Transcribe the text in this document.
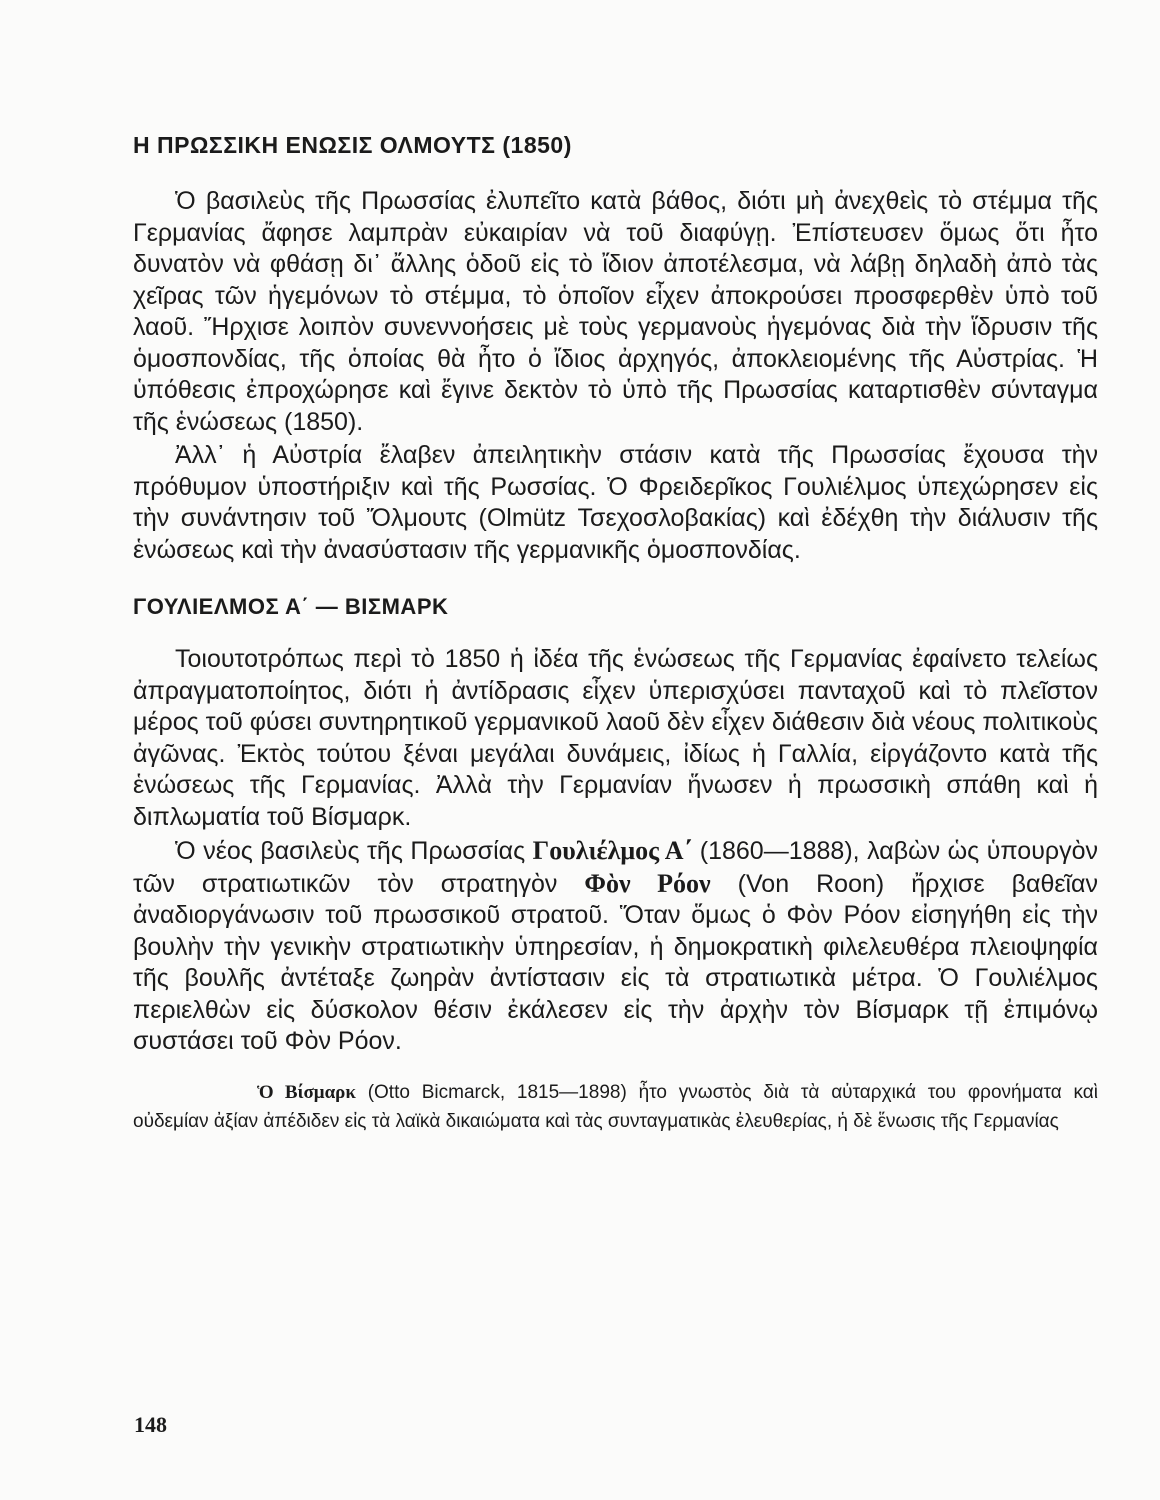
Η ΠΡΩΣΣΙΚΗ ΕΝΩΣΙΣ ΟΛΜΟΥΤΣ (1850)

Ὁ βασιλεὺς τῆς Πρωσσίας ἐλυπεῖτο κατὰ βάθος, διότι μὴ ἀνεχθεὶς τὸ στέμμα τῆς Γερμανίας ἄφησε λαμπρὰν εὐκαιρίαν νὰ τοῦ διαφύγῃ. Ἐπίστευσεν ὅμως ὅτι ἦτο δυνατὸν νὰ φθάσῃ δι᾿ ἄλλης ὁδοῦ εἰς τὸ ἴδιον ἀποτέλεσμα, νὰ λάβῃ δηλαδὴ ἀπὸ τὰς χεῖρας τῶν ἡγεμόνων τὸ στέμμα, τὸ ὁποῖον εἶχεν ἀποκρούσει προσφερθὲν ὑπὸ τοῦ λαοῦ. Ἤρχισε λοιπὸν συνεννοήσεις μὲ τοὺς γερμανοὺς ἡγεμόνας διὰ τὴν ἵδρυσιν τῆς ὁμοσπονδίας, τῆς ὁποίας θὰ ἦτο ὁ ἴδιος ἀρχηγός, ἀποκλειομένης τῆς Αὐστρίας. Ἡ ὑπόθεσις ἐπροχώρησε καὶ ἔγινε δεκτὸν τὸ ὑπὸ τῆς Πρωσσίας καταρτισθὲν σύνταγμα τῆς ἑνώσεως (1850).

Ἀλλ᾿ ἡ Αὐστρία ἔλαβεν ἀπειλητικὴν στάσιν κατὰ τῆς Πρωσσίας ἔχουσα τὴν πρόθυμον ὑποστήριξιν καὶ τῆς Ρωσσίας. Ὁ Φρειδερῖκος Γουλιέλμος ὑπεχώρησεν εἰς τὴν συνάντησιν τοῦ Ὄλμουτς (Olmütz Τσεχοσλοβακίας) καὶ ἐδέχθη τὴν διάλυσιν τῆς ἑνώσεως καὶ τὴν ἀνασύστασιν τῆς γερμανικῆς ὁμοσπονδίας.

ΓΟΥΛΙΕΛΜΟΣ Α΄ — ΒΙΣΜΑΡΚ

Τοιουτοτρόπως περὶ τὸ 1850 ἡ ἰδέα τῆς ἑνώσεως τῆς Γερμανίας ἐφαίνετο τελείως ἀπραγματοποίητος, διότι ἡ ἀντίδρασις εἶχεν ὑπερισχύσει πανταχοῦ καὶ τὸ πλεῖστον μέρος τοῦ φύσει συντηρητικοῦ γερμανικοῦ λαοῦ δὲν εἶχεν διάθεσιν διὰ νέους πολιτικοὺς ἀγῶνας. Ἐκτὸς τούτου ξέναι μεγάλαι δυνάμεις, ἰδίως ἡ Γαλλία, εἰργάζοντο κατὰ τῆς ἑνώσεως τῆς Γερμανίας. Ἀλλὰ τὴν Γερμανίαν ἥνωσεν ἡ πρωσσικὴ σπάθη καὶ ἡ διπλωματία τοῦ Βίσμαρκ.

Ὁ νέος βασιλεὺς τῆς Πρωσσίας Γουλιέλμος Α΄ (1860—1888), λαβὼν ὡς ὑπουργὸν τῶν στρατιωτικῶν τὸν στρατηγὸν Φὸν Ρόον (Von Roon) ἤρχισε βαθεῖαν ἀναδιοργάνωσιν τοῦ πρωσσικοῦ στρατοῦ. Ὅταν ὅμως ὁ Φὸν Ρόον εἰσηγήθη εἰς τὴν βουλὴν τὴν γενικὴν στρατιωτικὴν ὑπηρεσίαν, ἡ δημοκρατικὴ φιλελευθέρα πλειοψηφία τῆς βουλῆς ἀντέταξε ζωηρὰν ἀντίστασιν εἰς τὰ στρατιωτικὰ μέτρα. Ὁ Γουλιέλμος περιελθὼν εἰς δύσκολον θέσιν ἐκάλεσεν εἰς τὴν ἀρχὴν τὸν Βίσμαρκ τῇ ἐπιμόνῳ συστάσει τοῦ Φὸν Ρόον.

Ὁ Βίσμαρκ (Otto Bicmarck, 1815—1898) ἦτο γνωστὸς διὰ τὰ αὐταρχικά του φρονήματα καὶ οὐδεμίαν ἀξίαν ἀπέδιδεν εἰς τὰ λαϊκὰ δικαιώματα καὶ τὰς συνταγματικὰς ἐλευθερίας, ἡ δὲ ἕνωσις τῆς Γερμανίας

148
